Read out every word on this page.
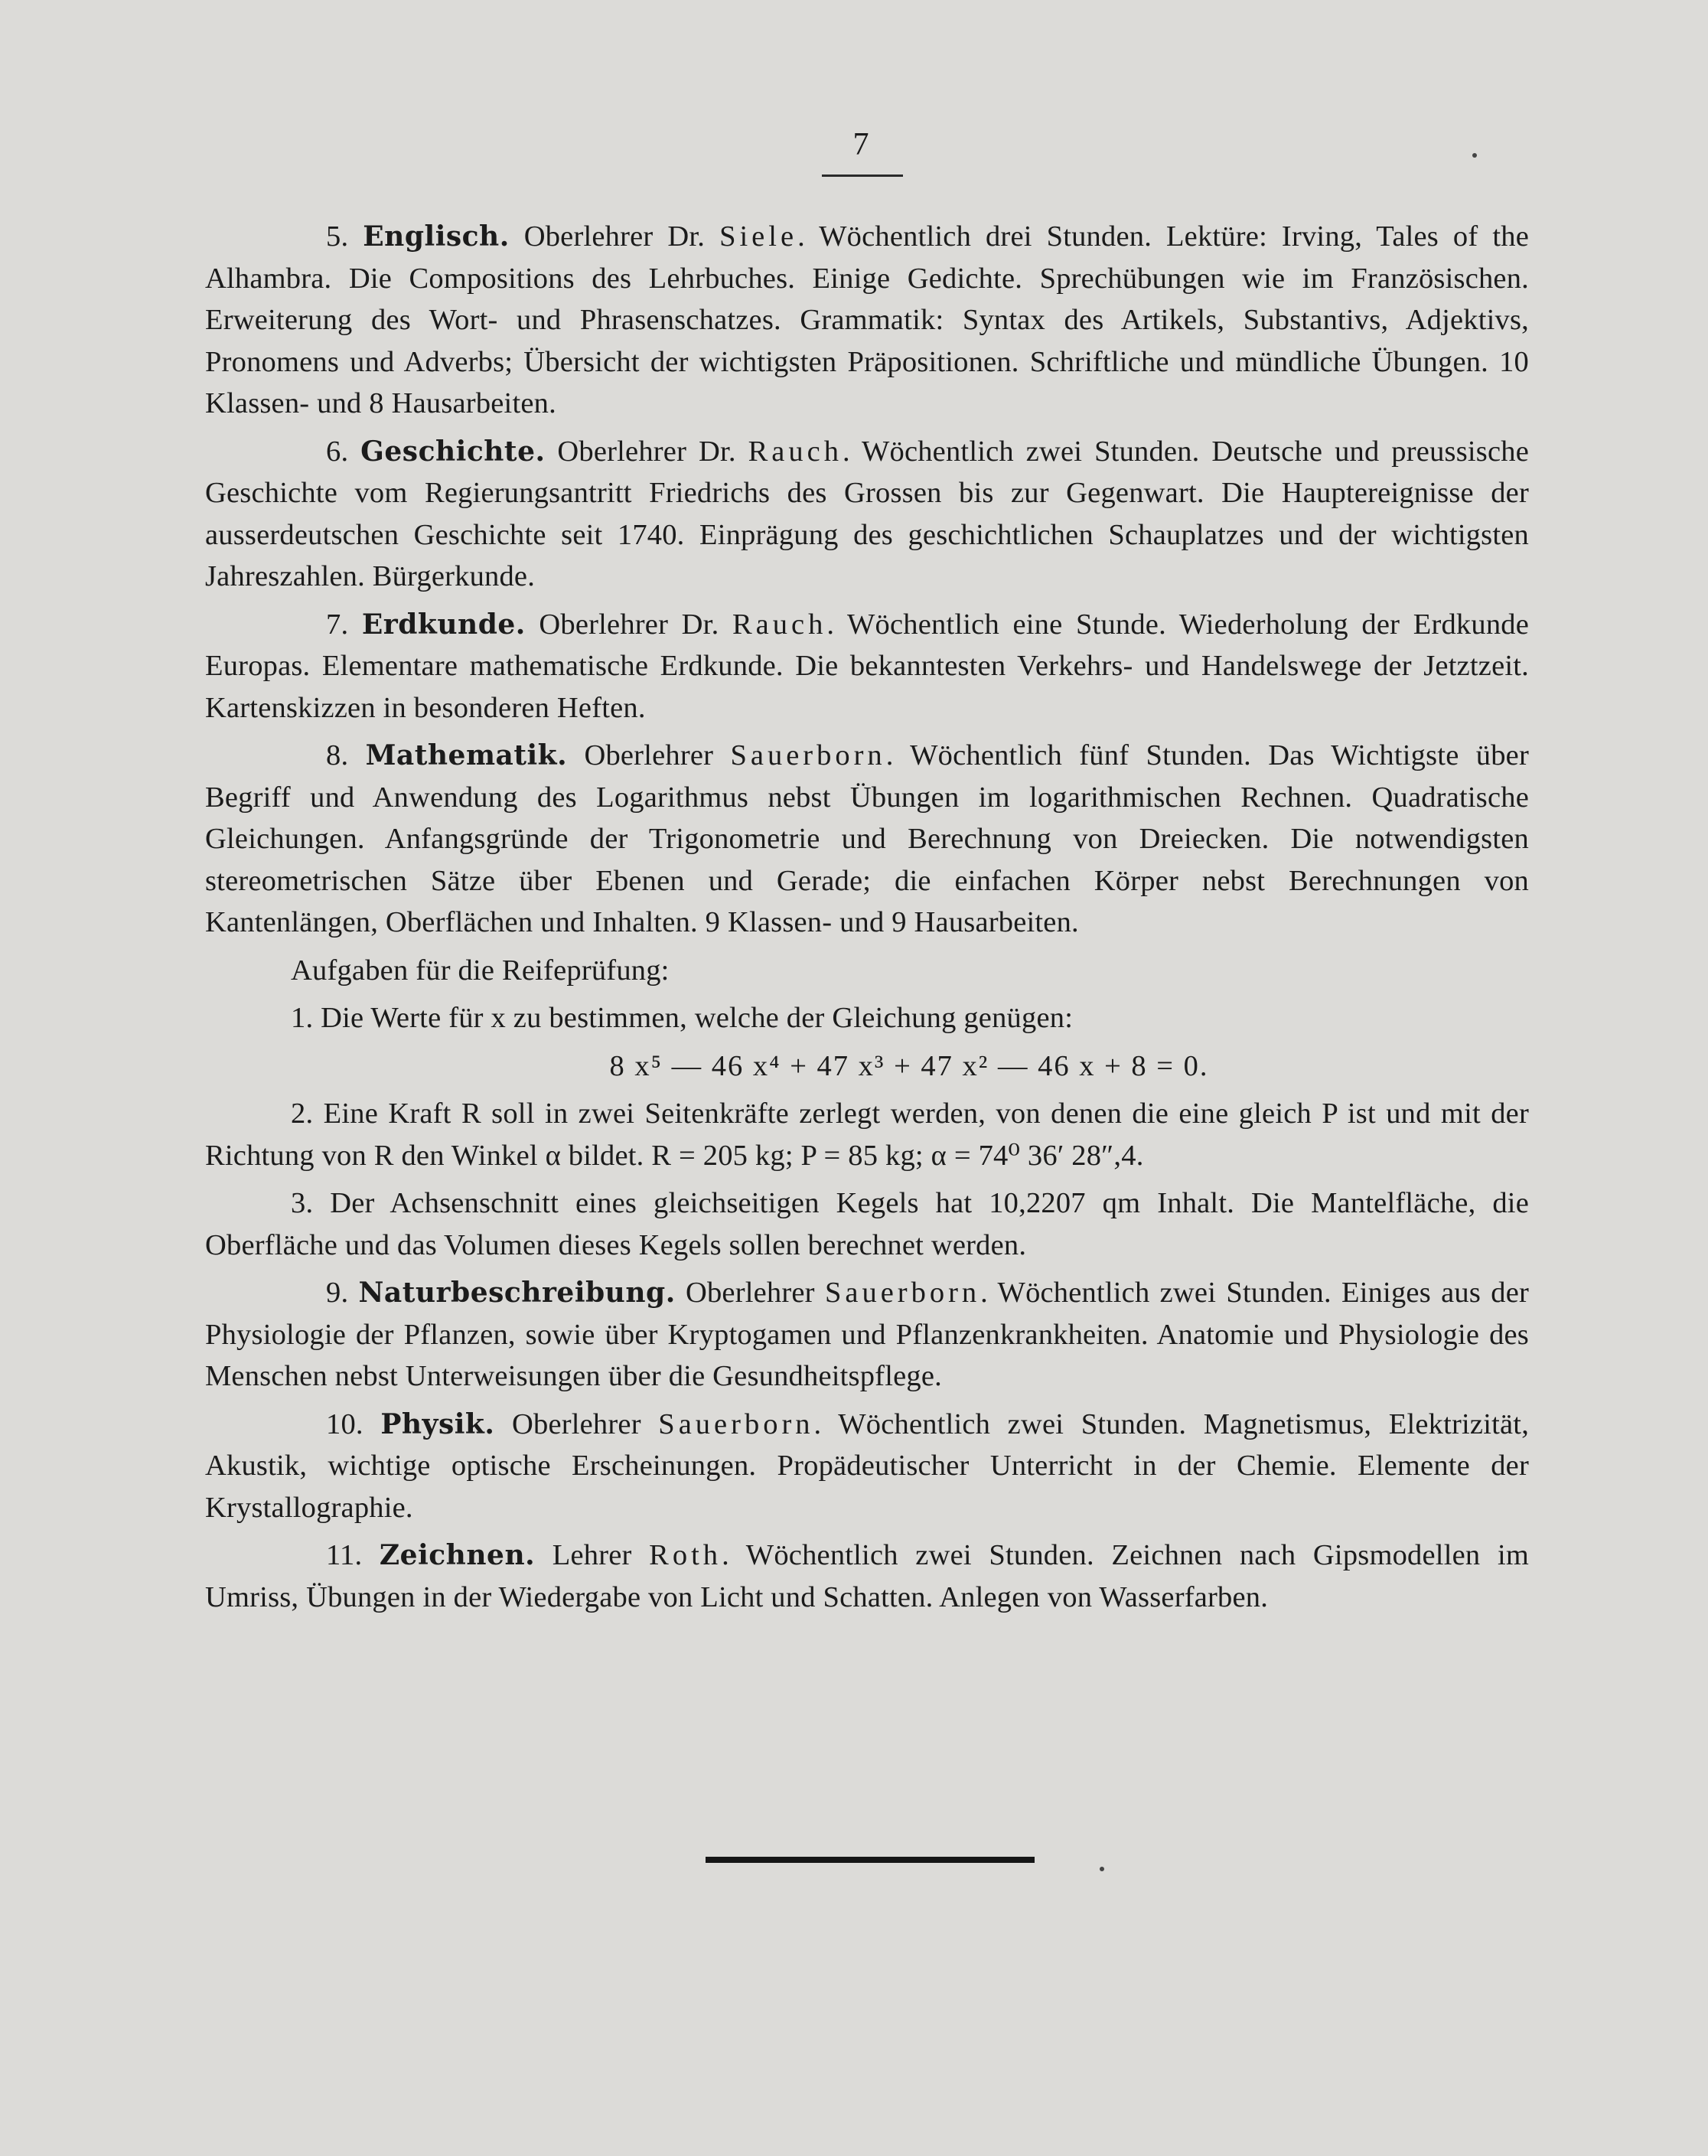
7

5. Englisch. Oberlehrer Dr. Siele. Wöchentlich drei Stunden. Lektüre: Irving, Tales of the Alhambra. Die Compositions des Lehrbuches. Einige Gedichte. Sprechübungen wie im Französischen. Erweiterung des Wort- und Phrasenschatzes. Grammatik: Syntax des Artikels, Substantivs, Adjektivs, Pronomens und Adverbs; Übersicht der wichtigsten Präpositionen. Schriftliche und mündliche Übungen. 10 Klassen- und 8 Hausarbeiten.

6. Geschichte. Oberlehrer Dr. Rauch. Wöchentlich zwei Stunden. Deutsche und preussische Geschichte vom Regierungsantritt Friedrichs des Grossen bis zur Gegenwart. Die Hauptereignisse der ausserdeutschen Geschichte seit 1740. Einprägung des geschichtlichen Schauplatzes und der wichtigsten Jahreszahlen. Bürgerkunde.

7. Erdkunde. Oberlehrer Dr. Rauch. Wöchentlich eine Stunde. Wiederholung der Erdkunde Europas. Elementare mathematische Erdkunde. Die bekanntesten Verkehrs- und Handelswege der Jetztzeit. Kartenskizzen in besonderen Heften.

8. Mathematik. Oberlehrer Sauerborn. Wöchentlich fünf Stunden. Das Wichtigste über Begriff und Anwendung des Logarithmus nebst Übungen im logarithmischen Rechnen. Quadratische Gleichungen. Anfangsgründe der Trigonometrie und Berechnung von Dreiecken. Die notwendigsten stereometrischen Sätze über Ebenen und Gerade; die einfachen Körper nebst Berechnungen von Kantenlängen, Oberflächen und Inhalten. 9 Klassen- und 9 Hausarbeiten.

Aufgaben für die Reifeprüfung:

1. Die Werte für x zu bestimmen, welche der Gleichung genügen:

8 x⁵ — 46 x⁴ + 47 x³ + 47 x² — 46 x + 8 = 0.

2. Eine Kraft R soll in zwei Seitenkräfte zerlegt werden, von denen die eine gleich P ist und mit der Richtung von R den Winkel α bildet. R = 205 kg; P = 85 kg; α = 74⁰ 36′ 28″,4.

3. Der Achsenschnitt eines gleichseitigen Kegels hat 10,2207 qm Inhalt. Die Mantelfläche, die Oberfläche und das Volumen dieses Kegels sollen berechnet werden.

9. Naturbeschreibung. Oberlehrer Sauerborn. Wöchentlich zwei Stunden. Einiges aus der Physiologie der Pflanzen, sowie über Kryptogamen und Pflanzenkrankheiten. Anatomie und Physiologie des Menschen nebst Unterweisungen über die Gesundheitspflege.

10. Physik. Oberlehrer Sauerborn. Wöchentlich zwei Stunden. Magnetismus, Elektrizität, Akustik, wichtige optische Erscheinungen. Propädeutischer Unterricht in der Chemie. Elemente der Krystallographie.

11. Zeichnen. Lehrer Roth. Wöchentlich zwei Stunden. Zeichnen nach Gipsmodellen im Umriss, Übungen in der Wiedergabe von Licht und Schatten. Anlegen von Wasserfarben.
